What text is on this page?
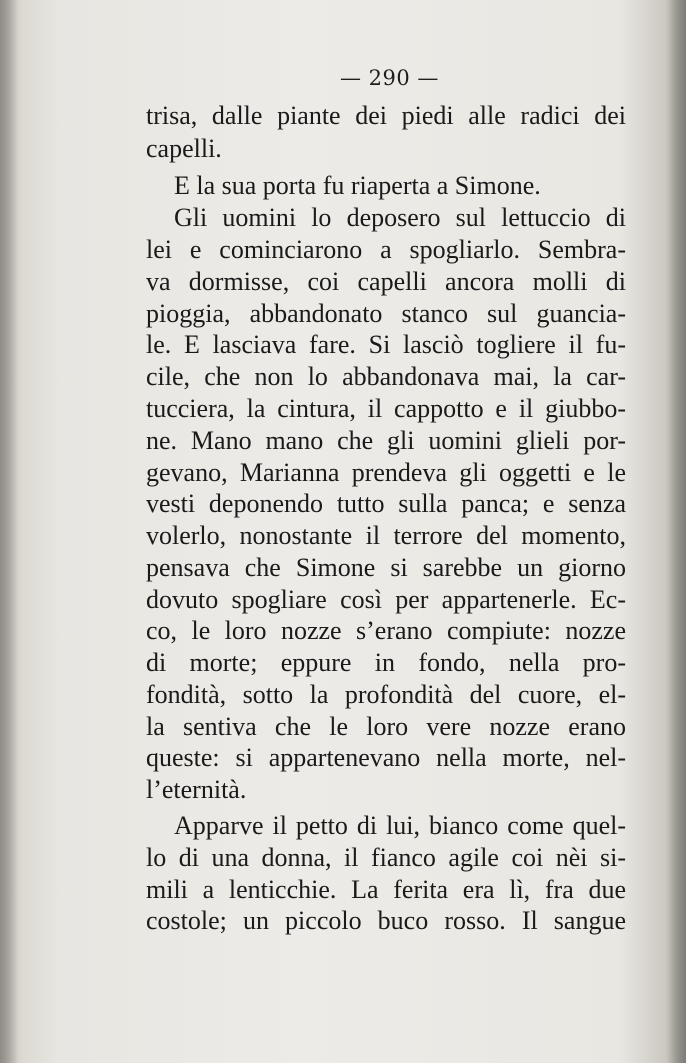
— 290 —
trisa, dalle piante dei piedi alle radici dei
capelli.
E la sua porta fu riaperta a Simone.
Gli uomini lo deposero sul lettuccio di
lei e cominciarono a spogliarlo. Sembra-
va dormisse, coi capelli ancora molli di
pioggia, abbandonato stanco sul guancia-
le. E lasciava fare. Si lasciò togliere il fu-
cile, che non lo abbandonava mai, la car-
tucciera, la cintura, il cappotto e il giubbo-
ne. Mano mano che gli uomini glieli por-
gevano, Marianna prendeva gli oggetti e le
vesti deponendo tutto sulla panca; e senza
volerlo, nonostante il terrore del momento,
pensava che Simone si sarebbe un giorno
dovuto spogliare così per appartenerle. Ec-
co, le loro nozze s’erano compiute: nozze
di morte; eppure in fondo, nella pro-
fondità, sotto la profondità del cuore, el-
la sentiva che le loro vere nozze erano
queste: si appartenevano nella morte, nel-
l’eternità.
Apparve il petto di lui, bianco come quel-
lo di una donna, il fianco agile coi nèi si-
mili a lenticchie. La ferita era lì, fra due
costole; un piccolo buco rosso. Il sangue
